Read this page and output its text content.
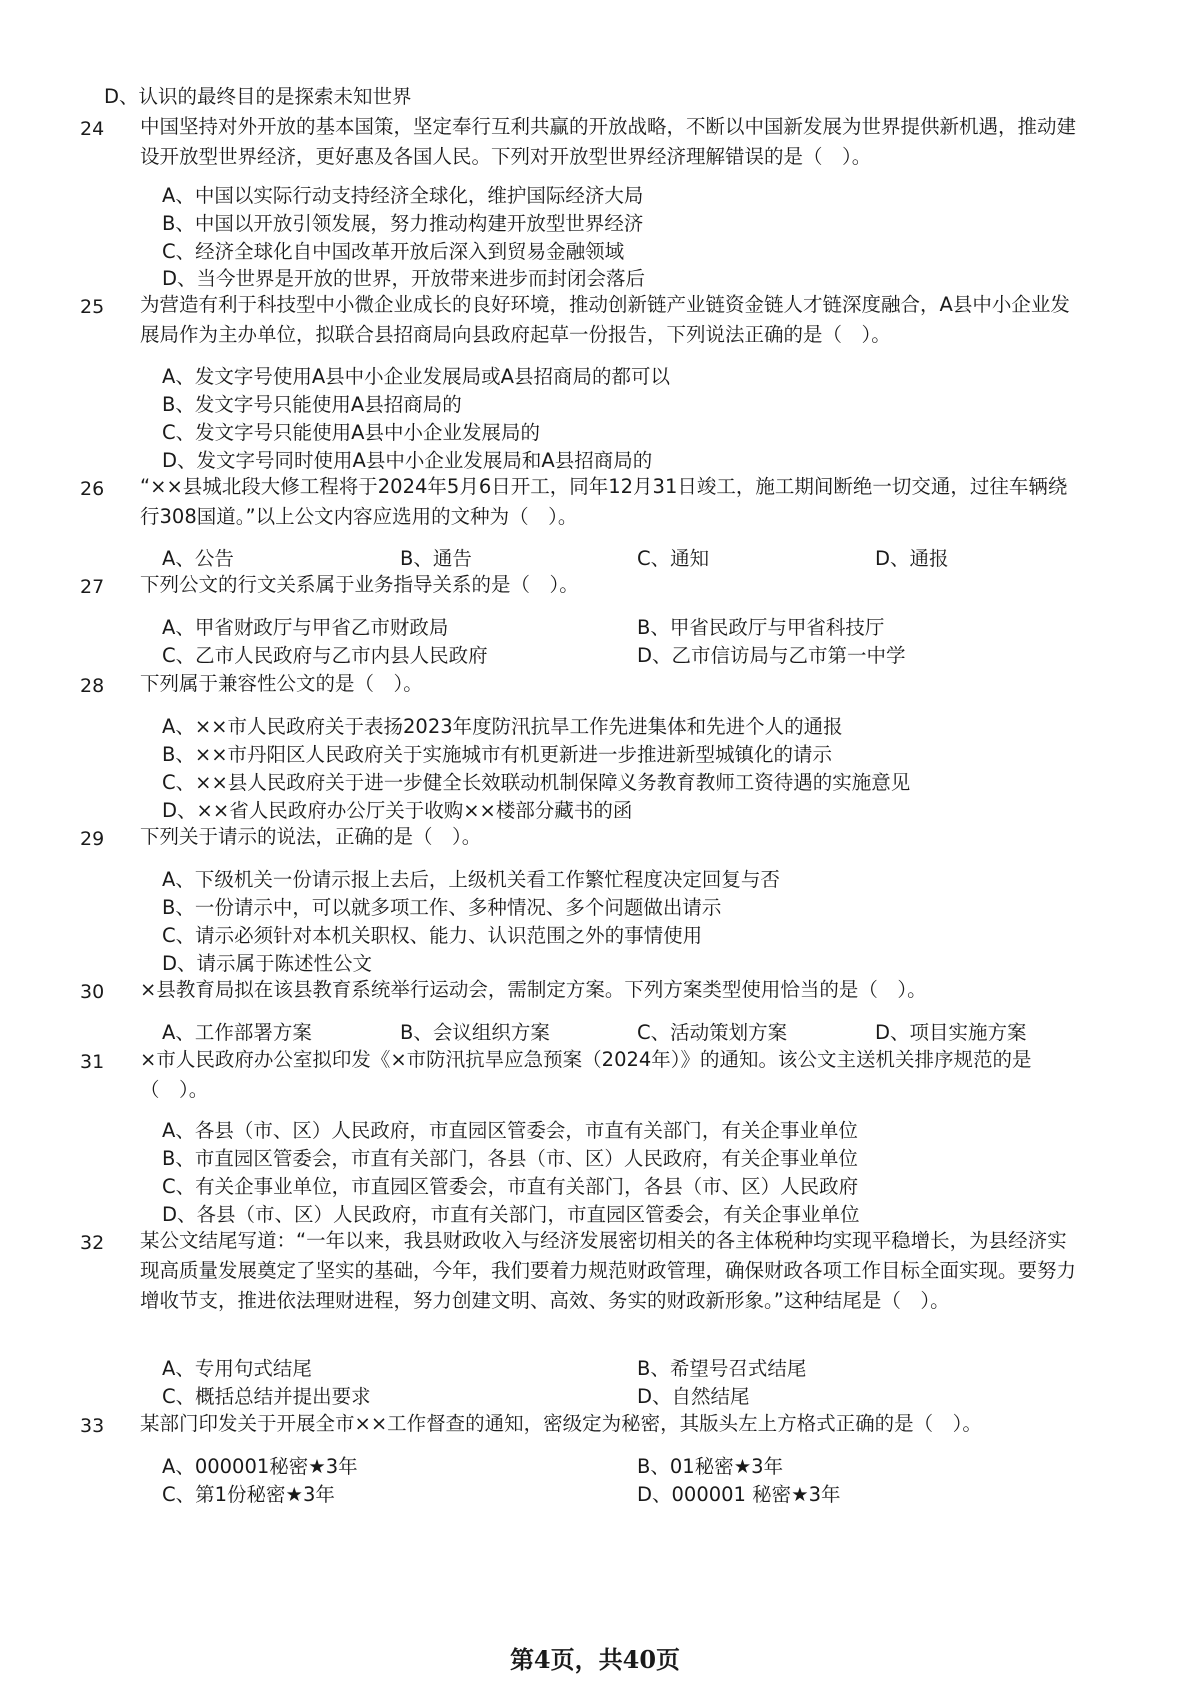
D、认识的最终目的是探索未知世界
24 中国坚持对外开放的基本国策，坚定奉行互利共赢的开放战略，不断以中国新发展为世界提供新机遇，推动建设开放型世界经济，更好惠及各国人民。下列对开放型世界经济理解错误的是（　）。
A、中国以实际行动支持经济全球化，维护国际经济大局
B、中国以开放引领发展，努力推动构建开放型世界经济
C、经济全球化自中国改革开放后深入到贸易金融领域
D、当今世界是开放的世界，开放带来进步而封闭会落后
25 为营造有利于科技型中小微企业成长的良好环境，推动创新链产业链资金链人才链深度融合，A县中小企业发展局作为主办单位，拟联合县招商局向县政府起草一份报告，下列说法正确的是（　）。
A、发文字号使用A县中小企业发展局或A县招商局的都可以
B、发文字号只能使用A县招商局的
C、发文字号只能使用A县中小企业发展局的
D、发文字号同时使用A县中小企业发展局和A县招商局的
26 “××县城北段大修工程将于2024年5月6日开工，同年12月31日竣工，施工期间断绝一切交通，过往车辆绕行308国道。”以上公文内容应选用的文种为（　）。
A、公告	B、通告	C、通知	D、通报
27 下列公文的行文关系属于业务指导关系的是（　）。
A、甲省财政厅与甲省乙市财政局	B、甲省民政厅与甲省科技厅
C、乙市人民政府与乙市内县人民政府	D、乙市信访局与乙市第一中学
28 下列属于兼容性公文的是（　）。
A、××市人民政府关于表扬2023年度防汛抗旱工作先进集体和先进个人的通报
B、××市丹阳区人民政府关于实施城市有机更新进一步推进新型城镇化的请示
C、××县人民政府关于进一步健全长效联动机制保障义务教育教师工资待遇的实施意见
D、××省人民政府办公厅关于收购××楼部分藏书的函
29 下列关于请示的说法，正确的是（　）。
A、下级机关一份请示报上去后，上级机关看工作繁忙程度决定回复与否
B、一份请示中，可以就多项工作、多种情况、多个问题做出请示
C、请示必须针对本机关职权、能力、认识范围之外的事情使用
D、请示属于陈述性公文
30 ×县教育局拟在该县教育系统举行运动会，需制定方案。下列方案类型使用恰当的是（　）。
A、工作部署方案	B、会议组织方案	C、活动策划方案	D、项目实施方案
31 ×市人民政府办公室拟印发《×市防汛抗旱应急预案（2024年）》的通知。该公文主送机关排序规范的是（　）。
A、各县（市、区）人民政府，市直园区管委会，市直有关部门，有关企事业单位
B、市直园区管委会，市直有关部门，各县（市、区）人民政府，有关企事业单位
C、有关企事业单位，市直园区管委会，市直有关部门，各县（市、区）人民政府
D、各县（市、区）人民政府，市直有关部门，市直园区管委会，有关企事业单位
32 某公文结尾写道：“一年以来，我县财政收入与经济发展密切相关的各主体税种均实现平稳增长，为县经济实现高质量发展奠定了坚实的基础，今年，我们要着力规范财政管理，确保财政各项工作目标全面实现。要努力增收节支，推进依法理财进程，努力创建文明、高效、务实的财政新形象。”这种结尾是（　）。
A、专用句式结尾	B、希望号召式结尾
C、概括总结并提出要求	D、自然结尾
33 某部门印发关于开展全市××工作督查的通知，密级定为秘密，其版头左上方格式正确的是（　）。
A、000001秘密★3年	B、01秘密★3年
C、第1份秘密★3年	D、000001 秘密★3年
第4页，共40页
